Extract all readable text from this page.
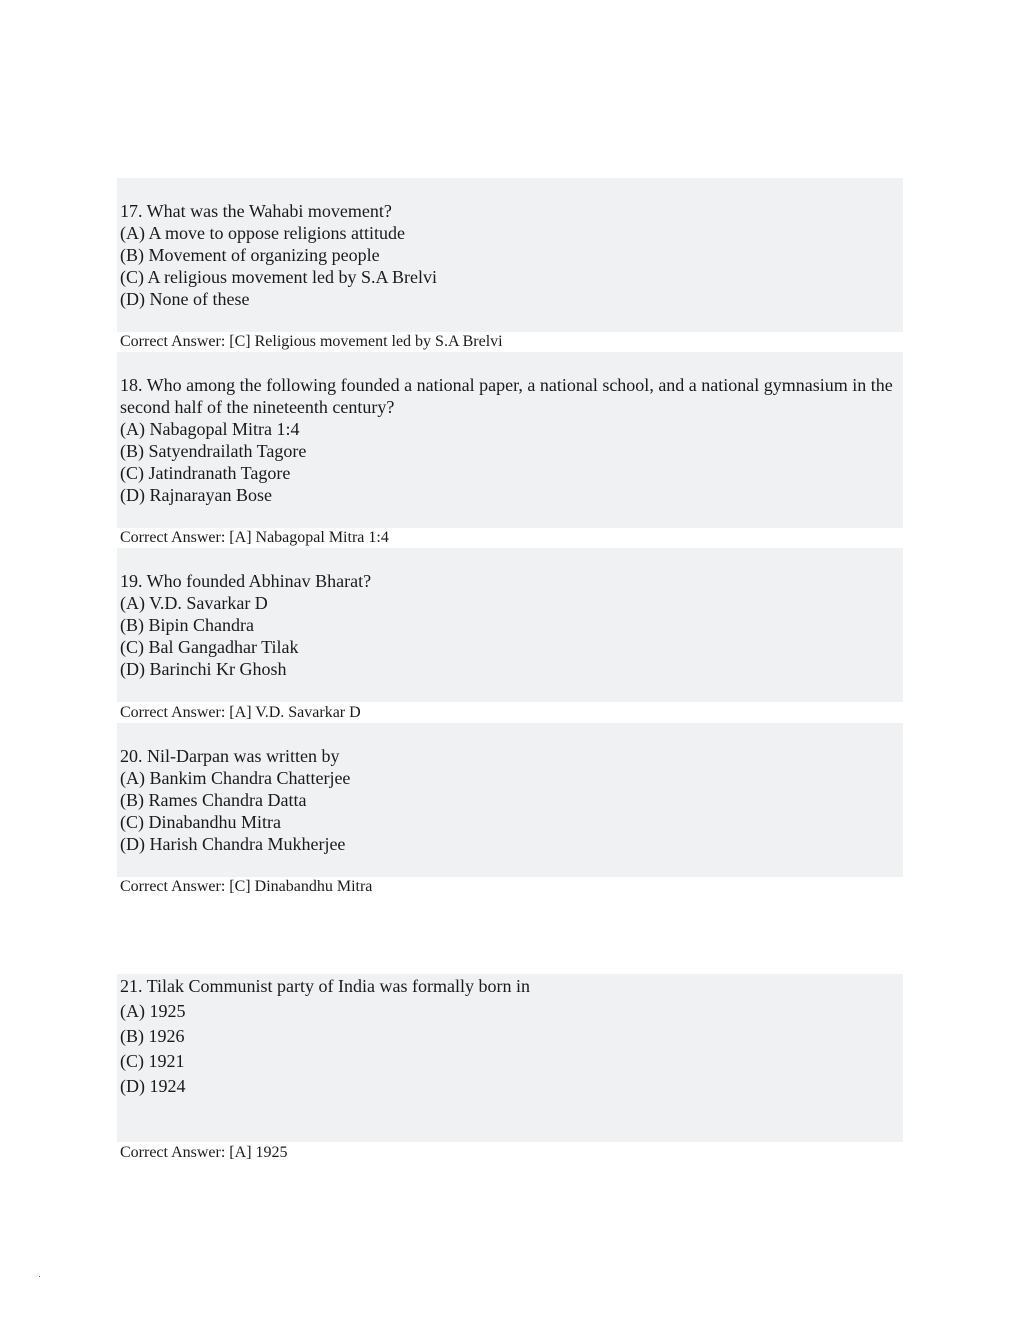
17. What was the Wahabi movement?
(A) A move to oppose religions attitude
(B) Movement of organizing people
(C) A religious movement led by S.A Brelvi
(D) None of these
Correct Answer: [C] Religious movement led by S.A Brelvi
18. Who among the following founded a national paper, a national school, and a national gymnasium in the second half of the nineteenth century?
(A) Nabagopal Mitra 1:4
(B) Satyendrailath Tagore
(C) Jatindranath Tagore
(D) Rajnarayan Bose
Correct Answer: [A] Nabagopal Mitra 1:4
19. Who founded Abhinav Bharat?
(A) V.D. Savarkar D
(B) Bipin Chandra
(C) Bal Gangadhar Tilak
(D) Barinchi Kr Ghosh
Correct Answer: [A] V.D. Savarkar D
20. Nil-Darpan was written by
(A) Bankim Chandra Chatterjee
(B) Rames Chandra Datta
(C) Dinabandhu Mitra
(D) Harish Chandra Mukherjee
Correct Answer: [C] Dinabandhu Mitra
21. Tilak Communist party of India was formally born in
(A) 1925
(B) 1926
(C) 1921
(D) 1924
Correct Answer: [A] 1925
